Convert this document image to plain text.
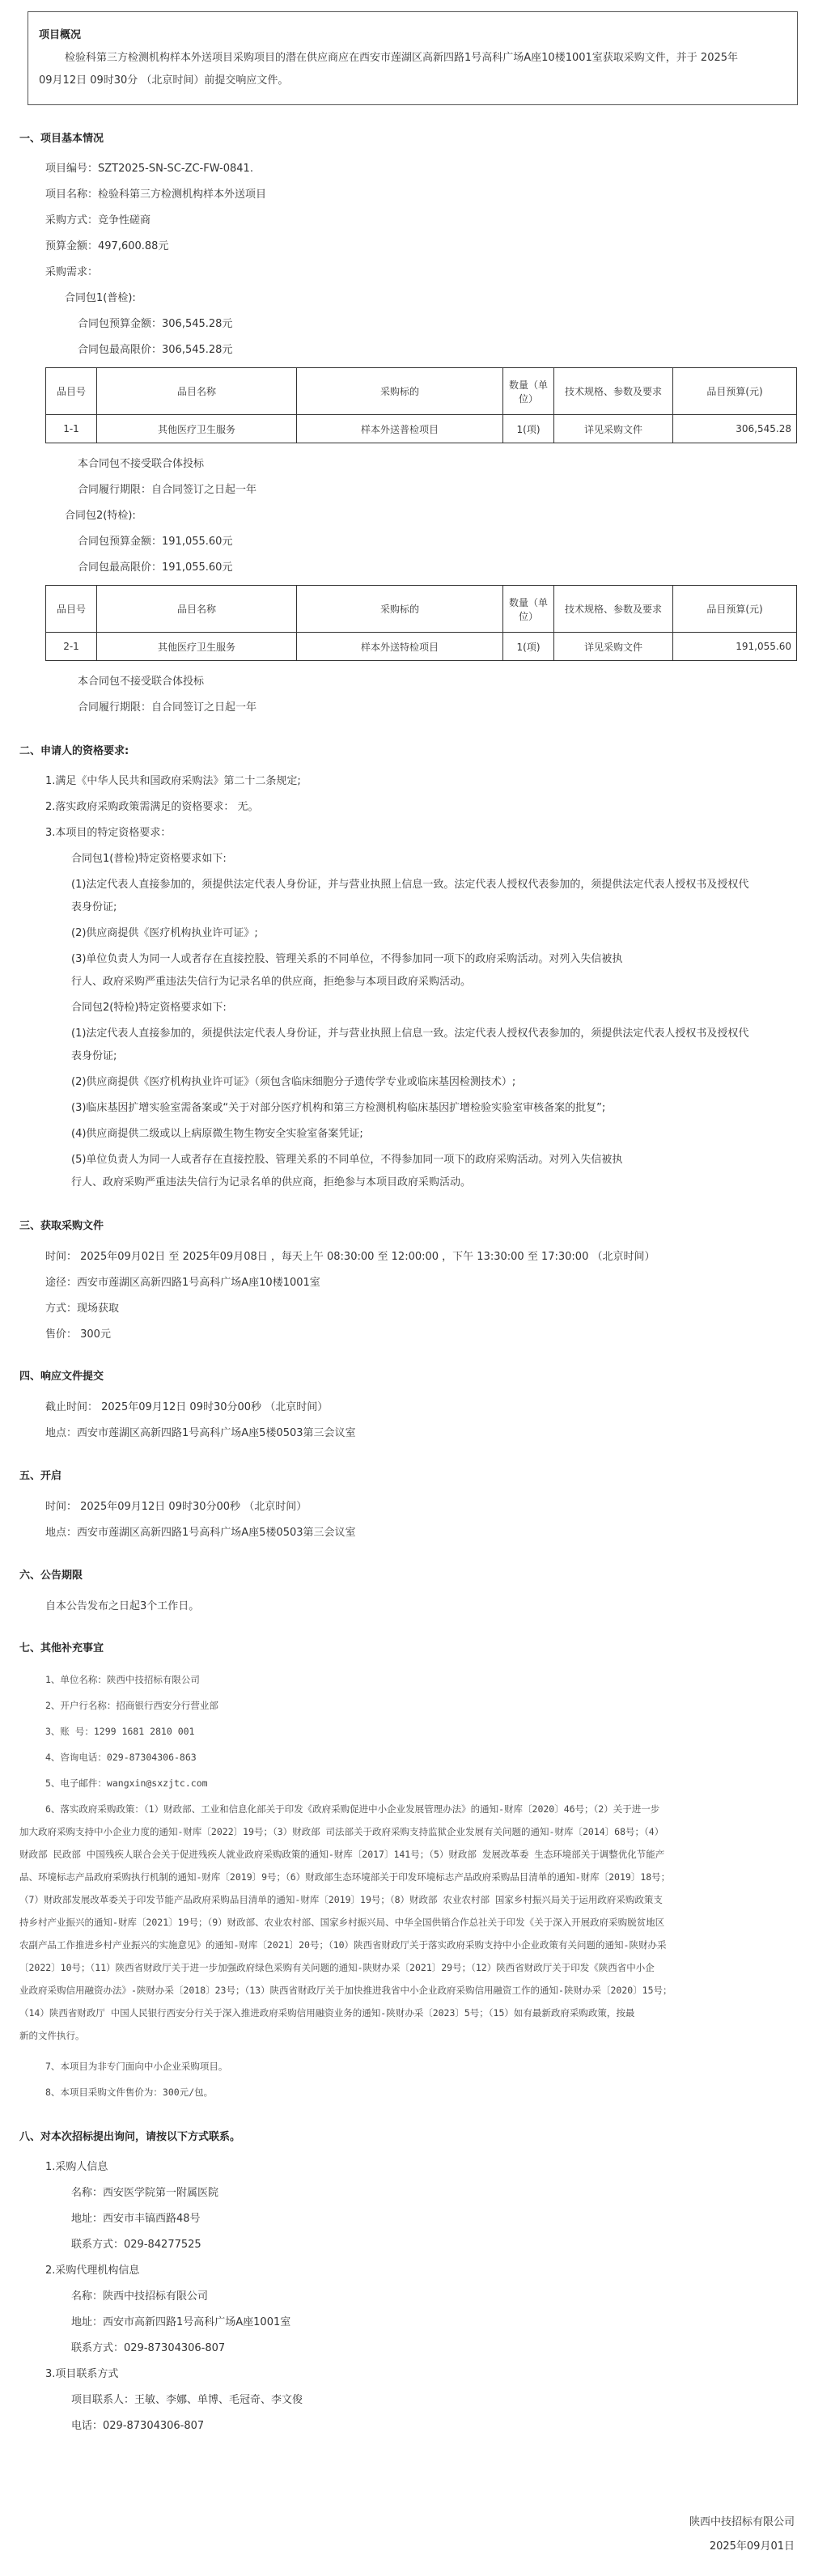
项目概况
检验科第三方检测机构样本外送项目采购项目的潜在供应商应在西安市莲湖区高新四路1号高科广场A座10楼1001室获取采购文件，并于 2025年
09月12日 09时30分 （北京时间）前提交响应文件。
一、项目基本情况
项目编号：SZT2025-SN-SC-ZC-FW-0841.
项目名称：检验科第三方检测机构样本外送项目
采购方式：竞争性磋商
预算金额：497,600.88元
采购需求：
合同包1(普检):
合同包预算金额：306,545.28元
合同包最高限价：306,545.28元
品目号	品目名称	采购标的	数量（单位）	技术规格、参数及要求	品目预算(元)
1-1	其他医疗卫生服务	样本外送普检项目	1(项)	详见采购文件	306,545.28
本合同包不接受联合体投标
合同履行期限：自合同签订之日起一年
合同包2(特检):
合同包预算金额：191,055.60元
合同包最高限价：191,055.60元
品目号	品目名称	采购标的	数量（单位）	技术规格、参数及要求	品目预算(元)
2-1	其他医疗卫生服务	样本外送特检项目	1(项)	详见采购文件	191,055.60
本合同包不接受联合体投标
合同履行期限：自合同签订之日起一年
二、申请人的资格要求:
1.满足《中华人民共和国政府采购法》第二十二条规定;
2.落实政府采购政策需满足的资格要求： 无。
3.本项目的特定资格要求：
合同包1(普检)特定资格要求如下:
(1)法定代表人直接参加的，须提供法定代表人身份证，并与营业执照上信息一致。法定代表人授权代表参加的，须提供法定代表人授权书及授权代
表身份证;
(2)供应商提供《医疗机构执业许可证》;
(3)单位负责人为同一人或者存在直接控股、管理关系的不同单位，不得参加同一项下的政府采购活动。对列入失信被执
行人、政府采购严重违法失信行为记录名单的供应商，拒绝参与本项目政府采购活动。
合同包2(特检)特定资格要求如下:
(1)法定代表人直接参加的，须提供法定代表人身份证，并与营业执照上信息一致。法定代表人授权代表参加的，须提供法定代表人授权书及授权代
表身份证;
(2)供应商提供《医疗机构执业许可证》（须包含临床细胞分子遗传学专业或临床基因检测技术）;
(3)临床基因扩增实验室需备案或“关于对部分医疗机构和第三方检测机构临床基因扩增检验实验室审核备案的批复”;
(4)供应商提供二级或以上病原微生物生物安全实验室备案凭证;
(5)单位负责人为同一人或者存在直接控股、管理关系的不同单位，不得参加同一项下的政府采购活动。对列入失信被执
行人、政府采购严重违法失信行为记录名单的供应商，拒绝参与本项目政府采购活动。
三、获取采购文件
时间： 2025年09月02日 至 2025年09月08日 ，每天上午 08:30:00 至 12:00:00 ，下午 13:30:00 至 17:30:00 （北京时间）
途径：西安市莲湖区高新四路1号高科广场A座10楼1001室
方式：现场获取
售价： 300元
四、响应文件提交
截止时间： 2025年09月12日 09时30分00秒 （北京时间）
地点：西安市莲湖区高新四路1号高科广场A座5楼0503第三会议室
五、开启
时间： 2025年09月12日 09时30分00秒 （北京时间）
地点：西安市莲湖区高新四路1号高科广场A座5楼0503第三会议室
六、公告期限
自本公告发布之日起3个工作日。
七、其他补充事宜
1、单位名称：陕西中技招标有限公司
2、开户行名称：招商银行西安分行营业部
3、账 号：1299 1681 2810 001
4、咨询电话：029-87304306-863
5、电子邮件：wangxin@sxzjtc.com
6、落实政府采购政策：（1）财政部、工业和信息化部关于印发《政府采购促进中小企业发展管理办法》的通知-财库〔2020〕46号；（2）关于进一步
加大政府采购支持中小企业力度的通知-财库〔2022〕19号；（3）财政部 司法部关于政府采购支持监狱企业发展有关问题的通知-财库〔2014〕68号；（4）
财政部 民政部 中国残疾人联合会关于促进残疾人就业政府采购政策的通知-财库〔2017〕141号；（5）财政部 发展改革委 生态环境部关于调整优化节能产
品、环境标志产品政府采购执行机制的通知-财库〔2019〕9号；（6）财政部生态环境部关于印发环境标志产品政府采购品目清单的通知-财库〔2019〕18号；
（7）财政部发展改革委关于印发节能产品政府采购品目清单的通知-财库〔2019〕19号；（8）财政部 农业农村部 国家乡村振兴局关于运用政府采购政策支
持乡村产业振兴的通知-财库〔2021〕19号；（9）财政部、农业农村部、国家乡村振兴局、中华全国供销合作总社关于印发《关于深入开展政府采购脱贫地区
农副产品工作推进乡村产业振兴的实施意见》的通知-财库〔2021〕20号；（10）陕西省财政厅关于落实政府采购支持中小企业政策有关问题的通知-陕财办采
〔2022〕10号；（11）陕西省财政厅关于进一步加强政府绿色采购有关问题的通知-陕财办采〔2021〕29号；（12）陕西省财政厅关于印发《陕西省中小企
业政府采购信用融资办法》-陕财办采〔2018〕23号；（13）陕西省财政厅关于加快推进我省中小企业政府采购信用融资工作的通知-陕财办采〔2020〕15号；
（14）陕西省财政厅 中国人民银行西安分行关于深入推进政府采购信用融资业务的通知-陕财办采〔2023〕5号；（15）如有最新政府采购政策，按最
新的文件执行。
7、本项目为非专门面向中小企业采购项目。
8、本项目采购文件售价为：300元/包。
八、对本次招标提出询问，请按以下方式联系。
1.采购人信息
名称：西安医学院第一附属医院
地址：西安市丰镐西路48号
联系方式：029-84277525
2.采购代理机构信息
名称：陕西中技招标有限公司
地址：西安市高新四路1号高科广场A座1001室
联系方式：029-87304306-807
3.项目联系方式
项目联系人：王敏、李娜、单博、毛冠奇、李文俊
电话：029-87304306-807
陕西中技招标有限公司
2025年09月01日
